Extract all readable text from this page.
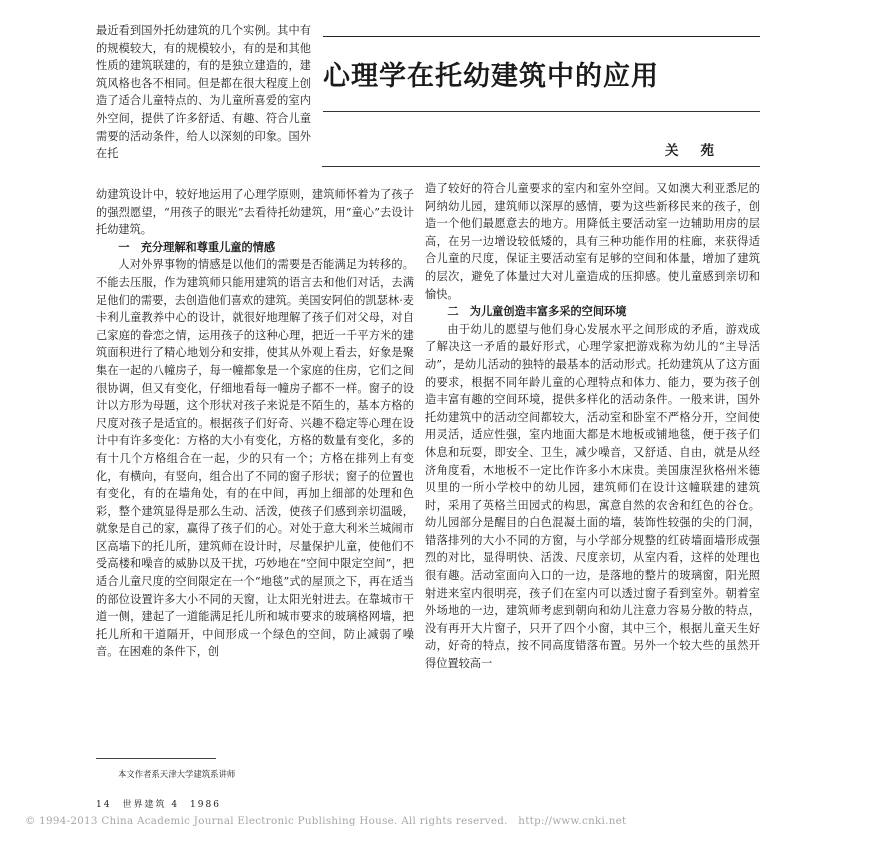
最近看到国外托幼建筑的几个实例。其中有的规模较大，有的规模较小，有的是和其他性质的建筑联建的，有的是独立建造的，建筑风格也各不相同。但是都在很大程度上创造了适合儿童特点的、为儿童所喜爱的室内外空间，提供了许多舒适、有趣、符合儿童需要的活动条件，给人以深刻的印象。国外在托

心理学在托幼建筑中的应用
关苑

幼建筑设计中，较好地运用了心理学原则，建筑师怀着为了孩子的强烈愿望，“用孩子的眼光”去看待托幼建筑，用“童心”去设计托幼建筑。

一　充分理解和尊重儿童的情感

人对外界事物的情感是以他们的需要是否能满足为转移的。不能去压服，作为建筑师只能用建筑的语言去和他们对话，去满足他们的需要，去创造他们喜欢的建筑。美国安阿伯的凯瑟林·麦卡利儿童教养中心的设计，就很好地理解了孩子们对父母，对自己家庭的眷恋之情，运用孩子的这种心理，把近一千平方米的建筑面积进行了精心地划分和安排，使其从外观上看去，好象是聚集在一起的八幢房子，每一幢都象是一个家庭的住房，它们之间很协调，但又有变化，仔细地看每一幢房子都不一样。窗子的设计以方形为母题，这个形状对孩子来说是不陌生的，基本方格的尺度对孩子是适宜的。根据孩子们好奇、兴趣不稳定等心理在设计中有许多变化：方格的大小有变化，方格的数量有变化，多的有十几个方格组合在一起，少的只有一个；方格在排列上有变化，有横向，有竖向，组合出了不同的窗子形状；窗子的位置也有变化，有的在墙角处，有的在中间，再加上细部的处理和色彩，整个建筑显得是那么生动、活泼，使孩子们感到亲切温暖，就象是自己的家，赢得了孩子们的心。对处于意大利米兰城闹市区高墙下的托儿所，建筑师在设计时，尽量保护儿童，使他们不受高楼和噪音的威胁以及干扰，巧妙地在“空间中限定空间”，把适合儿童尺度的空间限定在一个“地毯”式的屋顶之下，再在适当的部位设置许多大小不同的天窗，让太阳光射进去。在靠城市干道一侧，建起了一道能满足托儿所和城市要求的玻璃格网墙，把托儿所和干道隔开，中间形成一个绿色的空间，防止减弱了噪音。在困难的条件下，创

造了较好的符合儿童要求的室内和室外空间。又如澳大利亚悉尼的阿纳幼儿园，建筑师以深厚的感情，要为这些新移民来的孩子，创造一个他们最愿意去的地方。用降低主要活动室一边辅助用房的层高，在另一边增设较低矮的，具有三种功能作用的柱廊，来获得适合儿童的尺度，保证主要活动室有足够的空间和体量，增加了建筑的层次，避免了体量过大对儿童造成的压抑感。使儿童感到亲切和愉快。

二　为儿童创造丰富多采的空间环境

由于幼儿的愿望与他们身心发展水平之间形成的矛盾，游戏成了解决这一矛盾的最好形式，心理学家把游戏称为幼儿的“主导活动”，是幼儿活动的独特的最基本的活动形式。托幼建筑从了这方面的要求，根据不同年龄儿童的心理特点和体力、能力，要为孩子创造丰富有趣的空间环境，提供多样化的活动条件。一般来讲，国外托幼建筑中的活动空间都较大，活动室和卧室不严格分开，空间使用灵活，适应性强，室内地面大都是木地板或铺地毯，便于孩子们休息和玩耍，即安全、卫生，减少噪音，又舒适、自由，就是从经济角度看，木地板不一定比作许多小木床贵。美国康涅狄格州米德贝里的一所小学校中的幼儿园，建筑师们在设计这幢联建的建筑时，采用了英格兰田园式的构思，寓意自然的农舍和红色的谷仓。幼儿园部分是醒目的白色混凝土面的墙，装饰性较强的尖的门洞，错落排列的大小不同的方窗，与小学部分规整的红砖墙面墙形成强烈的对比，显得明快、活泼、尺度亲切，从室内看，这样的处理也很有趣。活动室面向入口的一边，是落地的整片的玻璃窗，阳光照射进来室内很明亮，孩子们在室内可以透过窗子看到室外。朝着室外场地的一边，建筑师考虑到朝向和幼儿注意力容易分散的特点，没有再开大片窗子，只开了四个小窗，其中三个，根据儿童天生好动，好奇的特点，按不同高度错落布置。另外一个较大些的虽然开得位置较高一

本文作者系天津大学建筑系讲师
14　世界建筑 4　1986
© 1994-2013 China Academic Journal Electronic Publishing House. All rights reserved.　http://www.cnki.net
